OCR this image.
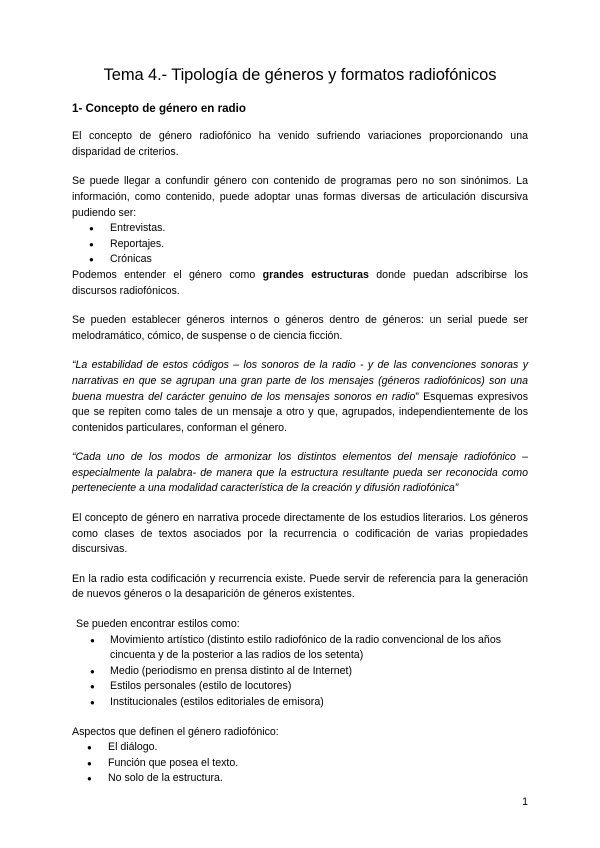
Tema 4.- Tipología de géneros y formatos radiofónicos
1- Concepto de género en radio

El concepto de género radiofónico ha venido sufriendo variaciones proporcionando una disparidad de criterios.

Se puede llegar a confundir género con contenido de programas pero no son sinónimos. La información, como contenido, puede adoptar unas formas diversas de articulación discursiva pudiendo ser:

● Entrevistas.
● Reportajes.
● Crónicas

Podemos entender el género como grandes estructuras donde puedan adscribirse los discursos radiofónicos.

Se pueden establecer géneros internos o géneros dentro de géneros: un serial puede ser melodramático, cómico, de suspense o de ciencia ficción.

“La estabilidad de estos códigos – los sonoros de la radio - y de las convenciones sonoras y narrativas en que se agrupan una gran parte de los mensajes (géneros radiofónicos) son una buena muestra del carácter genuino de los mensajes sonoros en radio” Esquemas expresivos que se repiten como tales de un mensaje a otro y que, agrupados, independientemente de los contenidos particulares, conforman el género.

“Cada uno de los modos de armonizar los distintos elementos del mensaje radiofónico – especialmente la palabra- de manera que la estructura resultante pueda ser reconocida como perteneciente a una modalidad característica de la creación y difusión radiofónica”

El concepto de género en narrativa procede directamente de los estudios literarios. Los géneros como clases de textos asociados por la recurrencia o codificación de varias propiedades discursivas.

En la radio esta codificación y recurrencia existe. Puede servir de referencia para la generación de nuevos géneros o la desaparición de géneros existentes.

Se pueden encontrar estilos como:

● Movimiento artístico (distinto estilo radiofónico de la radio convencional de los años cincuenta y de la posterior a las radios de los setenta)
● Medio (periodismo en prensa distinto al de Internet)
● Estilos personales (estilo de locutores)
● Institucionales (estilos editoriales de emisora)

Aspectos que definen el género radiofónico:

● El diálogo.
● Función que posea el texto.
● No solo de la estructura.
1
